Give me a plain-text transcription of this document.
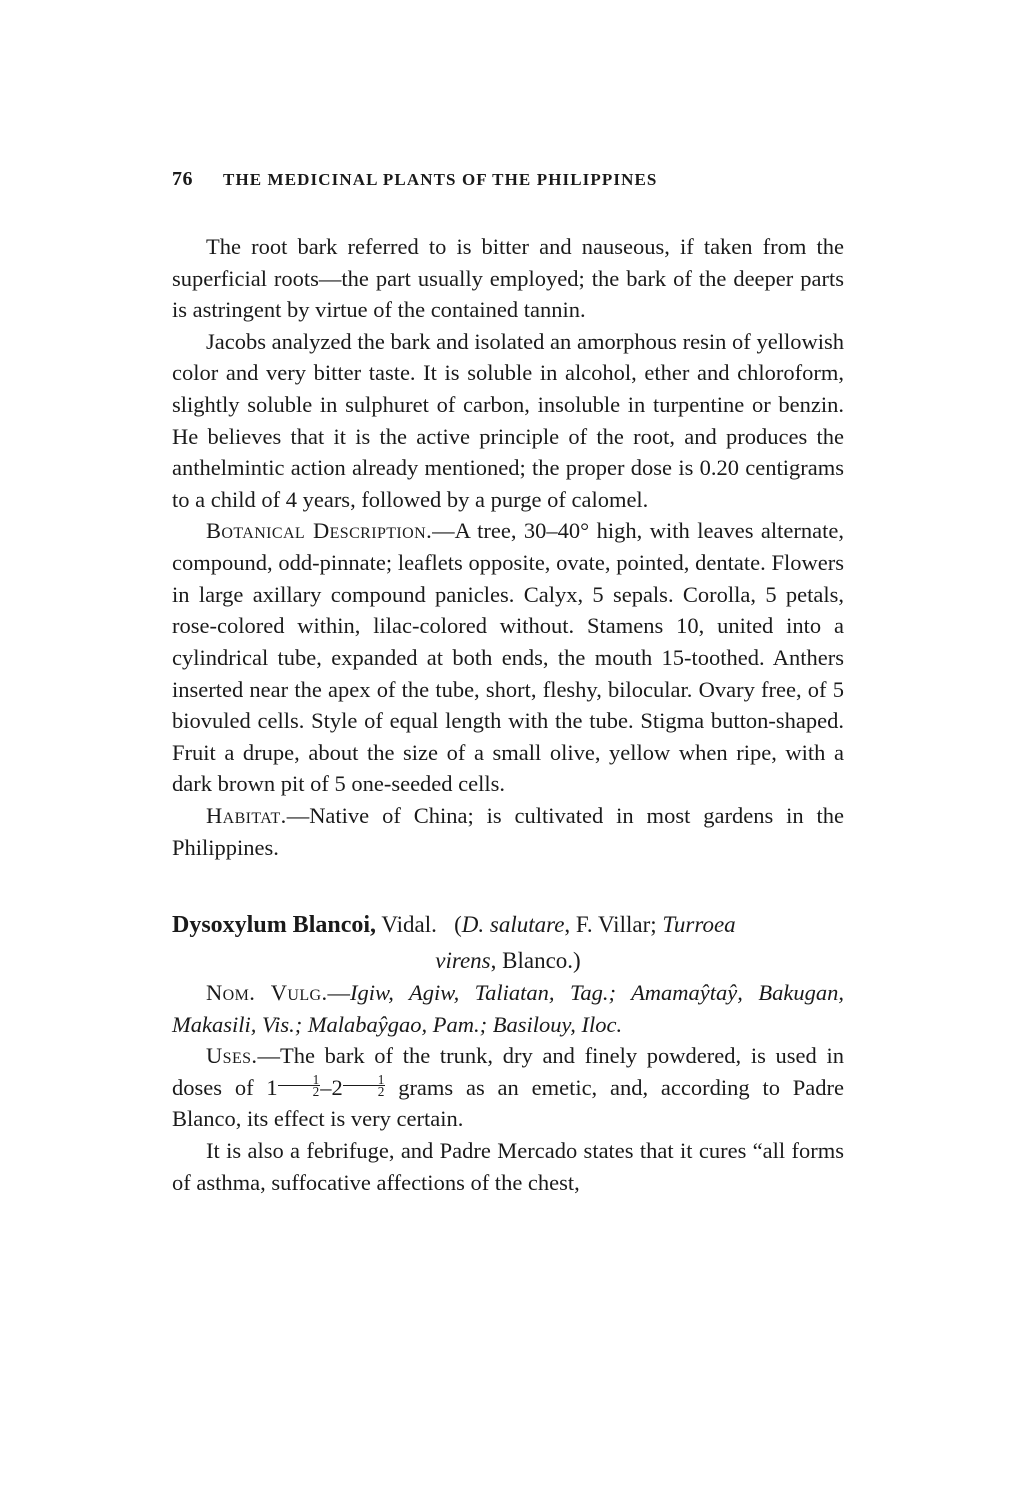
76 THE MEDICINAL PLANTS OF THE PHILIPPINES

The root bark referred to is bitter and nauseous, if taken from the superficial roots—the part usually employed; the bark of the deeper parts is astringent by virtue of the contained tannin.

Jacobs analyzed the bark and isolated an amorphous resin of yellowish color and very bitter taste. It is soluble in alcohol, ether and chloroform, slightly soluble in sulphuret of carbon, insoluble in turpentine or benzin. He believes that it is the active principle of the root, and produces the anthelmintic action already mentioned; the proper dose is 0.20 centigrams to a child of 4 years, followed by a purge of calomel.

Botanical Description.—A tree, 30–40° high, with leaves alternate, compound, odd-pinnate; leaflets opposite, ovate, pointed, dentate. Flowers in large axillary compound panicles. Calyx, 5 sepals. Corolla, 5 petals, rose-colored within, lilac-colored without. Stamens 10, united into a cylindrical tube, expanded at both ends, the mouth 15-toothed. Anthers inserted near the apex of the tube, short, fleshy, bilocular. Ovary free, of 5 biovuled cells. Style of equal length with the tube. Stigma button-shaped. Fruit a drupe, about the size of a small olive, yellow when ripe, with a dark brown pit of 5 one-seeded cells.

Habitat.—Native of China; is cultivated in most gardens in the Philippines.

Dysoxylum Blancoi, Vidal. (D. salutare, F. Villar; Turroea
virens, Blanco.)

Nom. Vulg.—Igiw, Agiw, Taliatan, Tag.; Amamaŷtaŷ, Bakugan, Makasili, Vis.; Malabaŷgao, Pam.; Basilouy, Iloc.

Uses.—The bark of the trunk, dry and finely powdered, is used in doses of $1 \frac{1}{2} -2 \frac{1}{2}$ grams as an emetic, and, according to Padre Blanco, its effect is very certain.

It is also a febrifuge, and Padre Mercado states that it cures “all forms of asthma, suffocative affections of the chest,
